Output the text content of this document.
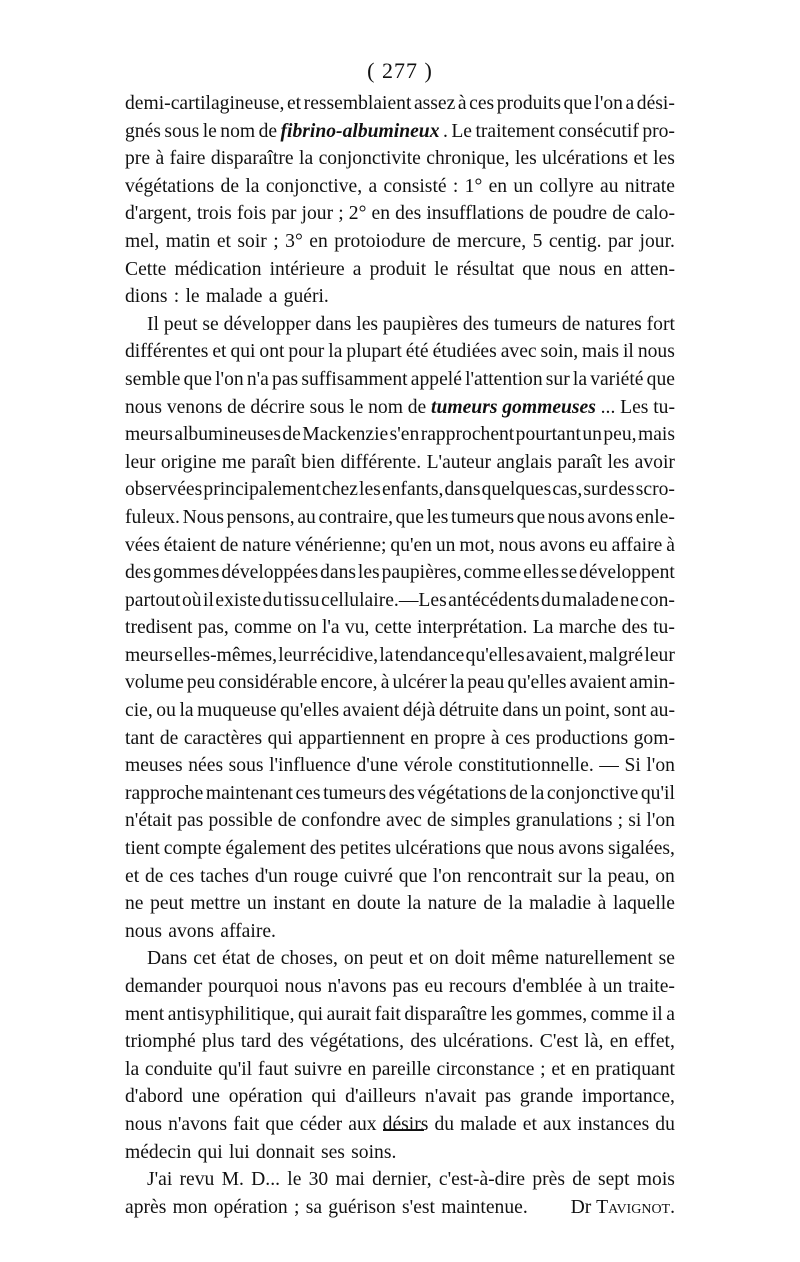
( 277 )
demi-cartilagineuse, et ressemblaient assez à ces produits que l'on a dési-
gnés sous le nom de fibrino-albumineux . Le traitement consécutif pro-
pre à faire disparaître la conjonctivite chronique, les ulcérations et les
végétations de la conjonctive, a consisté : 1° en un collyre au nitrate
d'argent, trois fois par jour ; 2° en des insufflations de poudre de calo-
mel, matin et soir ; 3° en protoiodure de mercure, 5 centig. par jour.
Cette médication intérieure a produit le résultat que nous en atten-
dions : le malade a guéri.
Il peut se développer dans les paupières des tumeurs de natures fort
différentes et qui ont pour la plupart été étudiées avec soin, mais il nous
semble que l'on n'a pas suffisamment appelé l'attention sur la variété que
nous venons de décrire sous le nom de tumeurs gommeuses ... Les tu-
meurs albumineuses de Mackenzie s'en rapprochent pourtant un peu, mais
leur origine me paraît bien différente. L'auteur anglais paraît les avoir
observées principalement chez les enfants, dans quelques cas, sur des scro-
fuleux. Nous pensons, au contraire, que les tumeurs que nous avons enle-
vées étaient de nature vénérienne; qu'en un mot, nous avons eu affaire à
des gommes développées dans les paupières, comme elles se développent
partout où il existe du tissu cellulaire.—Les antécédents du malade ne con-
tredisent pas, comme on l'a vu, cette interprétation. La marche des tu-
meurs elles-mêmes, leur récidive, la tendance qu'elles avaient, malgré leur
volume peu considérable encore, à ulcérer la peau qu'elles avaient amin-
cie, ou la muqueuse qu'elles avaient déjà détruite dans un point, sont au-
tant de caractères qui appartiennent en propre à ces productions gom-
meuses nées sous l'influence d'une vérole constitutionnelle. — Si l'on
rapproche maintenant ces tumeurs des végétations de la conjonctive qu'il
n'était pas possible de confondre avec de simples granulations ; si l'on
tient compte également des petites ulcérations que nous avons sigalées,
et de ces taches d'un rouge cuivré que l'on rencontrait sur la peau, on
ne peut mettre un instant en doute la nature de la maladie à laquelle
nous avons affaire.
Dans cet état de choses, on peut et on doit même naturellement se
demander pourquoi nous n'avons pas eu recours d'emblée à un traite-
ment antisyphilitique, qui aurait fait disparaître les gommes, comme il a
triomphé plus tard des végétations, des ulcérations. C'est là, en effet,
la conduite qu'il faut suivre en pareille circonstance ; et en pratiquant
d'abord une opération qui d'ailleurs n'avait pas grande importance,
nous n'avons fait que céder aux désirs du malade et aux instances du
médecin qui lui donnait ses soins.
J'ai revu M. D... le 30 mai dernier, c'est-à-dire près de sept mois
après mon opération ; sa guérison s'est maintenue. Dr Tavignot.
